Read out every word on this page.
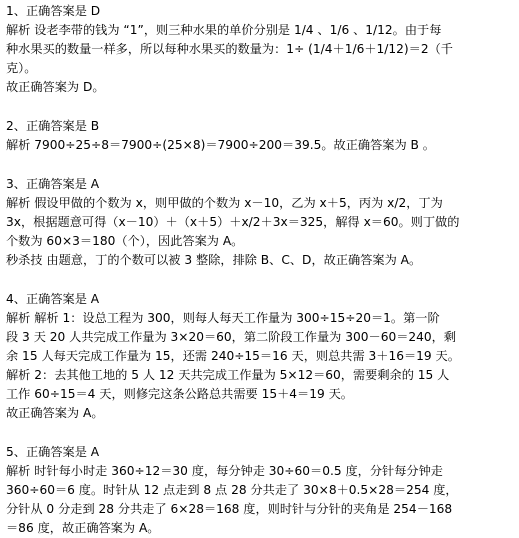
1、正确答案是 D
解析 设老李带的钱为 “1”，则三种水果的单价分别是 1/4 、1/6 、1/12。由于每
种水果买的数量一样多，所以每种水果买的数量为：1÷ (1/4＋1/6＋1/12)＝2（千
克）。
故正确答案为 D。
2、正确答案是 B
解析 7900÷25÷8＝7900÷(25×8)＝7900÷200＝39.5。故正确答案为 B 。
3、正确答案是 A
解析 假设甲做的个数为 x，则甲做的个数为 x－10，乙为 x＋5，丙为 x/2，丁为
3x，根据题意可得（x－10）＋（x＋5）＋x/2＋3x＝325，解得 x＝60。则丁做的
个数为 60×3＝180（个），因此答案为 A。
秒杀技 由题意，丁的个数可以被 3 整除，排除 B、C、D，故正确答案为 A。
4、正确答案是 A
解析 解析 1：设总工程为 300，则每人每天工作量为 300÷15÷20＝1。第一阶
段 3 天 20 人共完成工作量为 3×20＝60，第二阶段工作量为 300－60＝240，剩
余 15 人每天完成工作量为 15，还需 240÷15＝16 天，则总共需 3＋16＝19 天。
解析 2：去其他工地的 5 人 12 天共完成工作量为 5×12＝60，需要剩余的 15 人
工作 60÷15＝4 天，则修完这条公路总共需要 15＋4＝19 天。
故正确答案为 A。
5、正确答案是 A
解析 时针每小时走 360÷12＝30 度，每分钟走 30÷60＝0.5 度，分针每分钟走
360÷60＝6 度。时针从 12 点走到 8 点 28 分共走了 30×8＋0.5×28＝254 度，
分针从 0 分走到 28 分共走了 6×28＝168 度，则时针与分针的夹角是 254－168
＝86 度，故正确答案为 A。
